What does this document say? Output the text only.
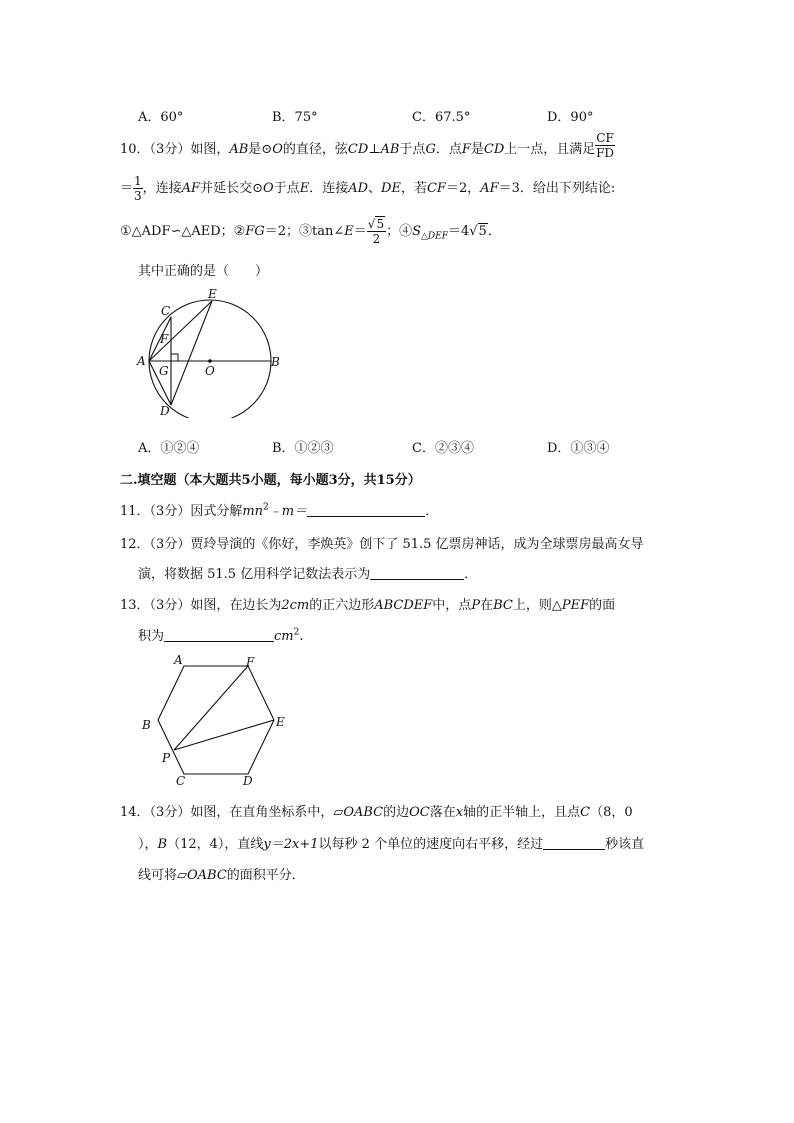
A．60°	B．75°	C．67.5°	D．90°
10．（3分）如图，AB是⊙O的直径，弦CD⊥AB于点G．点F是CD上一点，且满足 $\frac{CF}{FD}$
＝ $\frac{1}{3}$ ，连接AF并延长交⊙O于点E．连接AD、DE，若CF＝2，AF＝3．给出下列结论:
①△ADF∽△AED；②FG＝2；③tan∠E＝ $\frac{√5}{2}$ ；$④S_{\triangle DEF}=4√5$．
其中正确的是（　　）
C
E
F
A
G	O
B
D
A．①②④	B．①②③	C．②③④	D．①③④
二.填空题（本大题共5小题，每小题3分，共15分）
11．（3分）因式分解$mn^2﹣m=$	．
12．（3分）贾玲导演的《你好，李焕英》创下了 51.5 亿票房神话，成为全球票房最高女导
演，将数据 51.5 亿用科学记数法表示为	．
13．（3分）如图，在边长为2cm的正六边形ABCDEF中，点P在BC上，则△PEF的面
积为	$cm^2$.
A	F
B	E
P
C	D
14．（3分）如图，在直角坐标系中，▱OABC的边OC落在x轴的正半轴上，且点C（8，0
），B（12，4），直线y＝2x+1以每秒 2 个单位的速度向右平移，经过	秒该直
线可将▱OABC的面积平分．
